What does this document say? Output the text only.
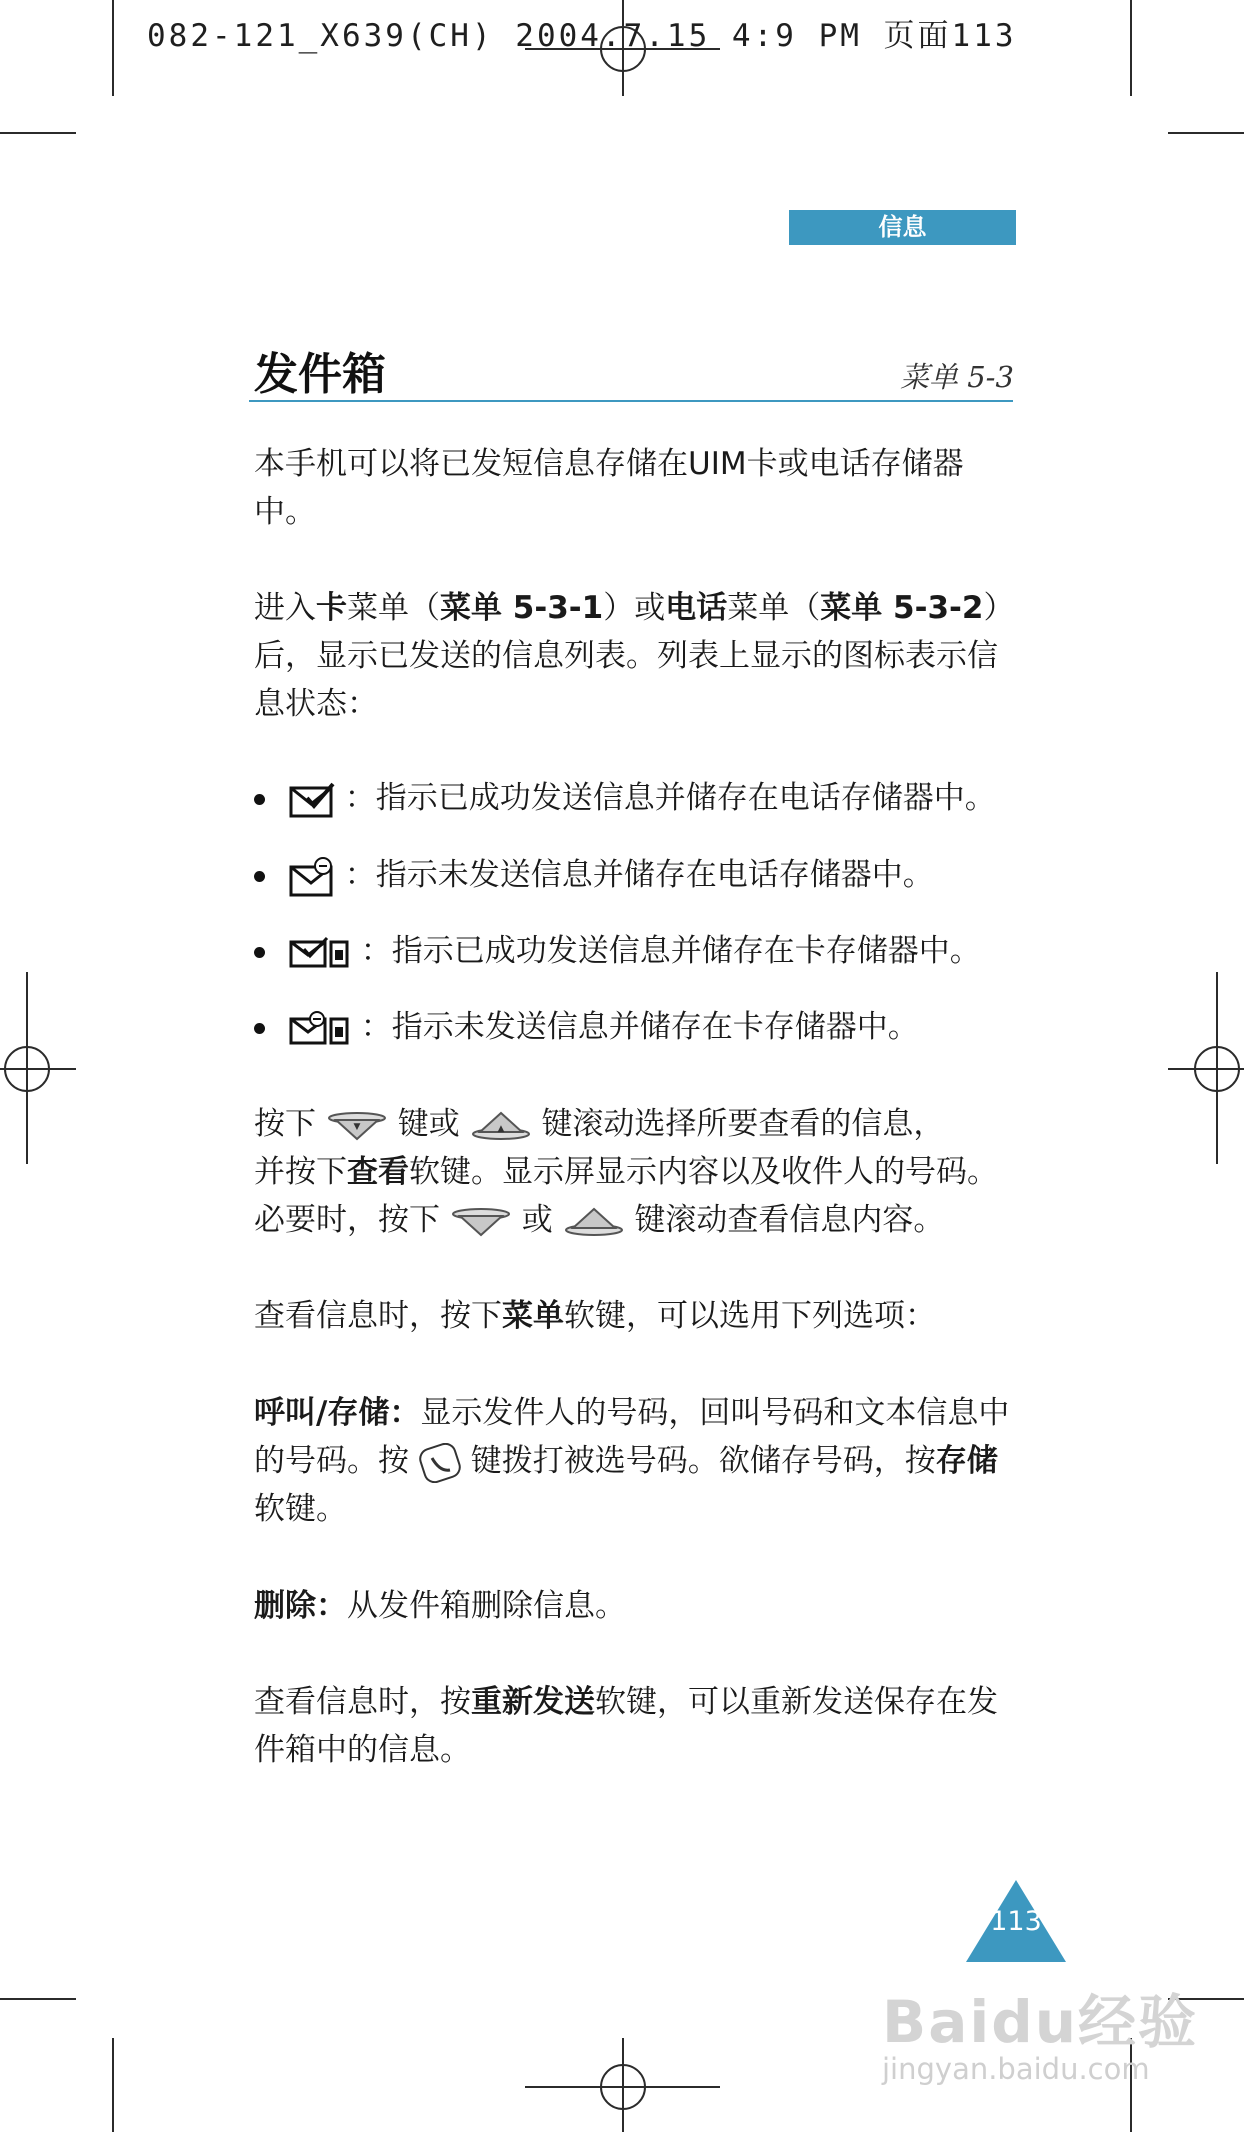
082-121_X639(CH) 2004.7.15 4:9 PM 页面113
信息
发件箱	菜单 5-3
本手机可以将已发短信息存储在UIM卡或电话存储器中。
进入卡菜单（菜单 5-3-1）或电话菜单（菜单 5-3-2）后，显示已发送的信息列表。列表上显示的图标表示信息状态：
：指示已成功发送信息并储存在电话存储器中。
：指示未发送信息并储存在电话存储器中。
：指示已成功发送信息并储存在卡存储器中。
：指示未发送信息并储存在卡存储器中。
按下	▼ 键或	▲ 键滚动选择所要查看的信息，
并按下查看软键。显示屏显示内容以及收件人的号码。
必要时，按下	或	键滚动查看信息内容。
查看信息时，按下菜单软键，可以选用下列选项：
呼叫/存储：显示发件人的号码，回叫号码和文本信息中的号码。按 键拨打被选号码。欲储存号码，按存储软键。
删除：从发件箱删除信息。
查看信息时，按重新发送软键，可以重新发送保存在发件箱中的信息。
113
Baidu经验
jingyan.baidu.com
